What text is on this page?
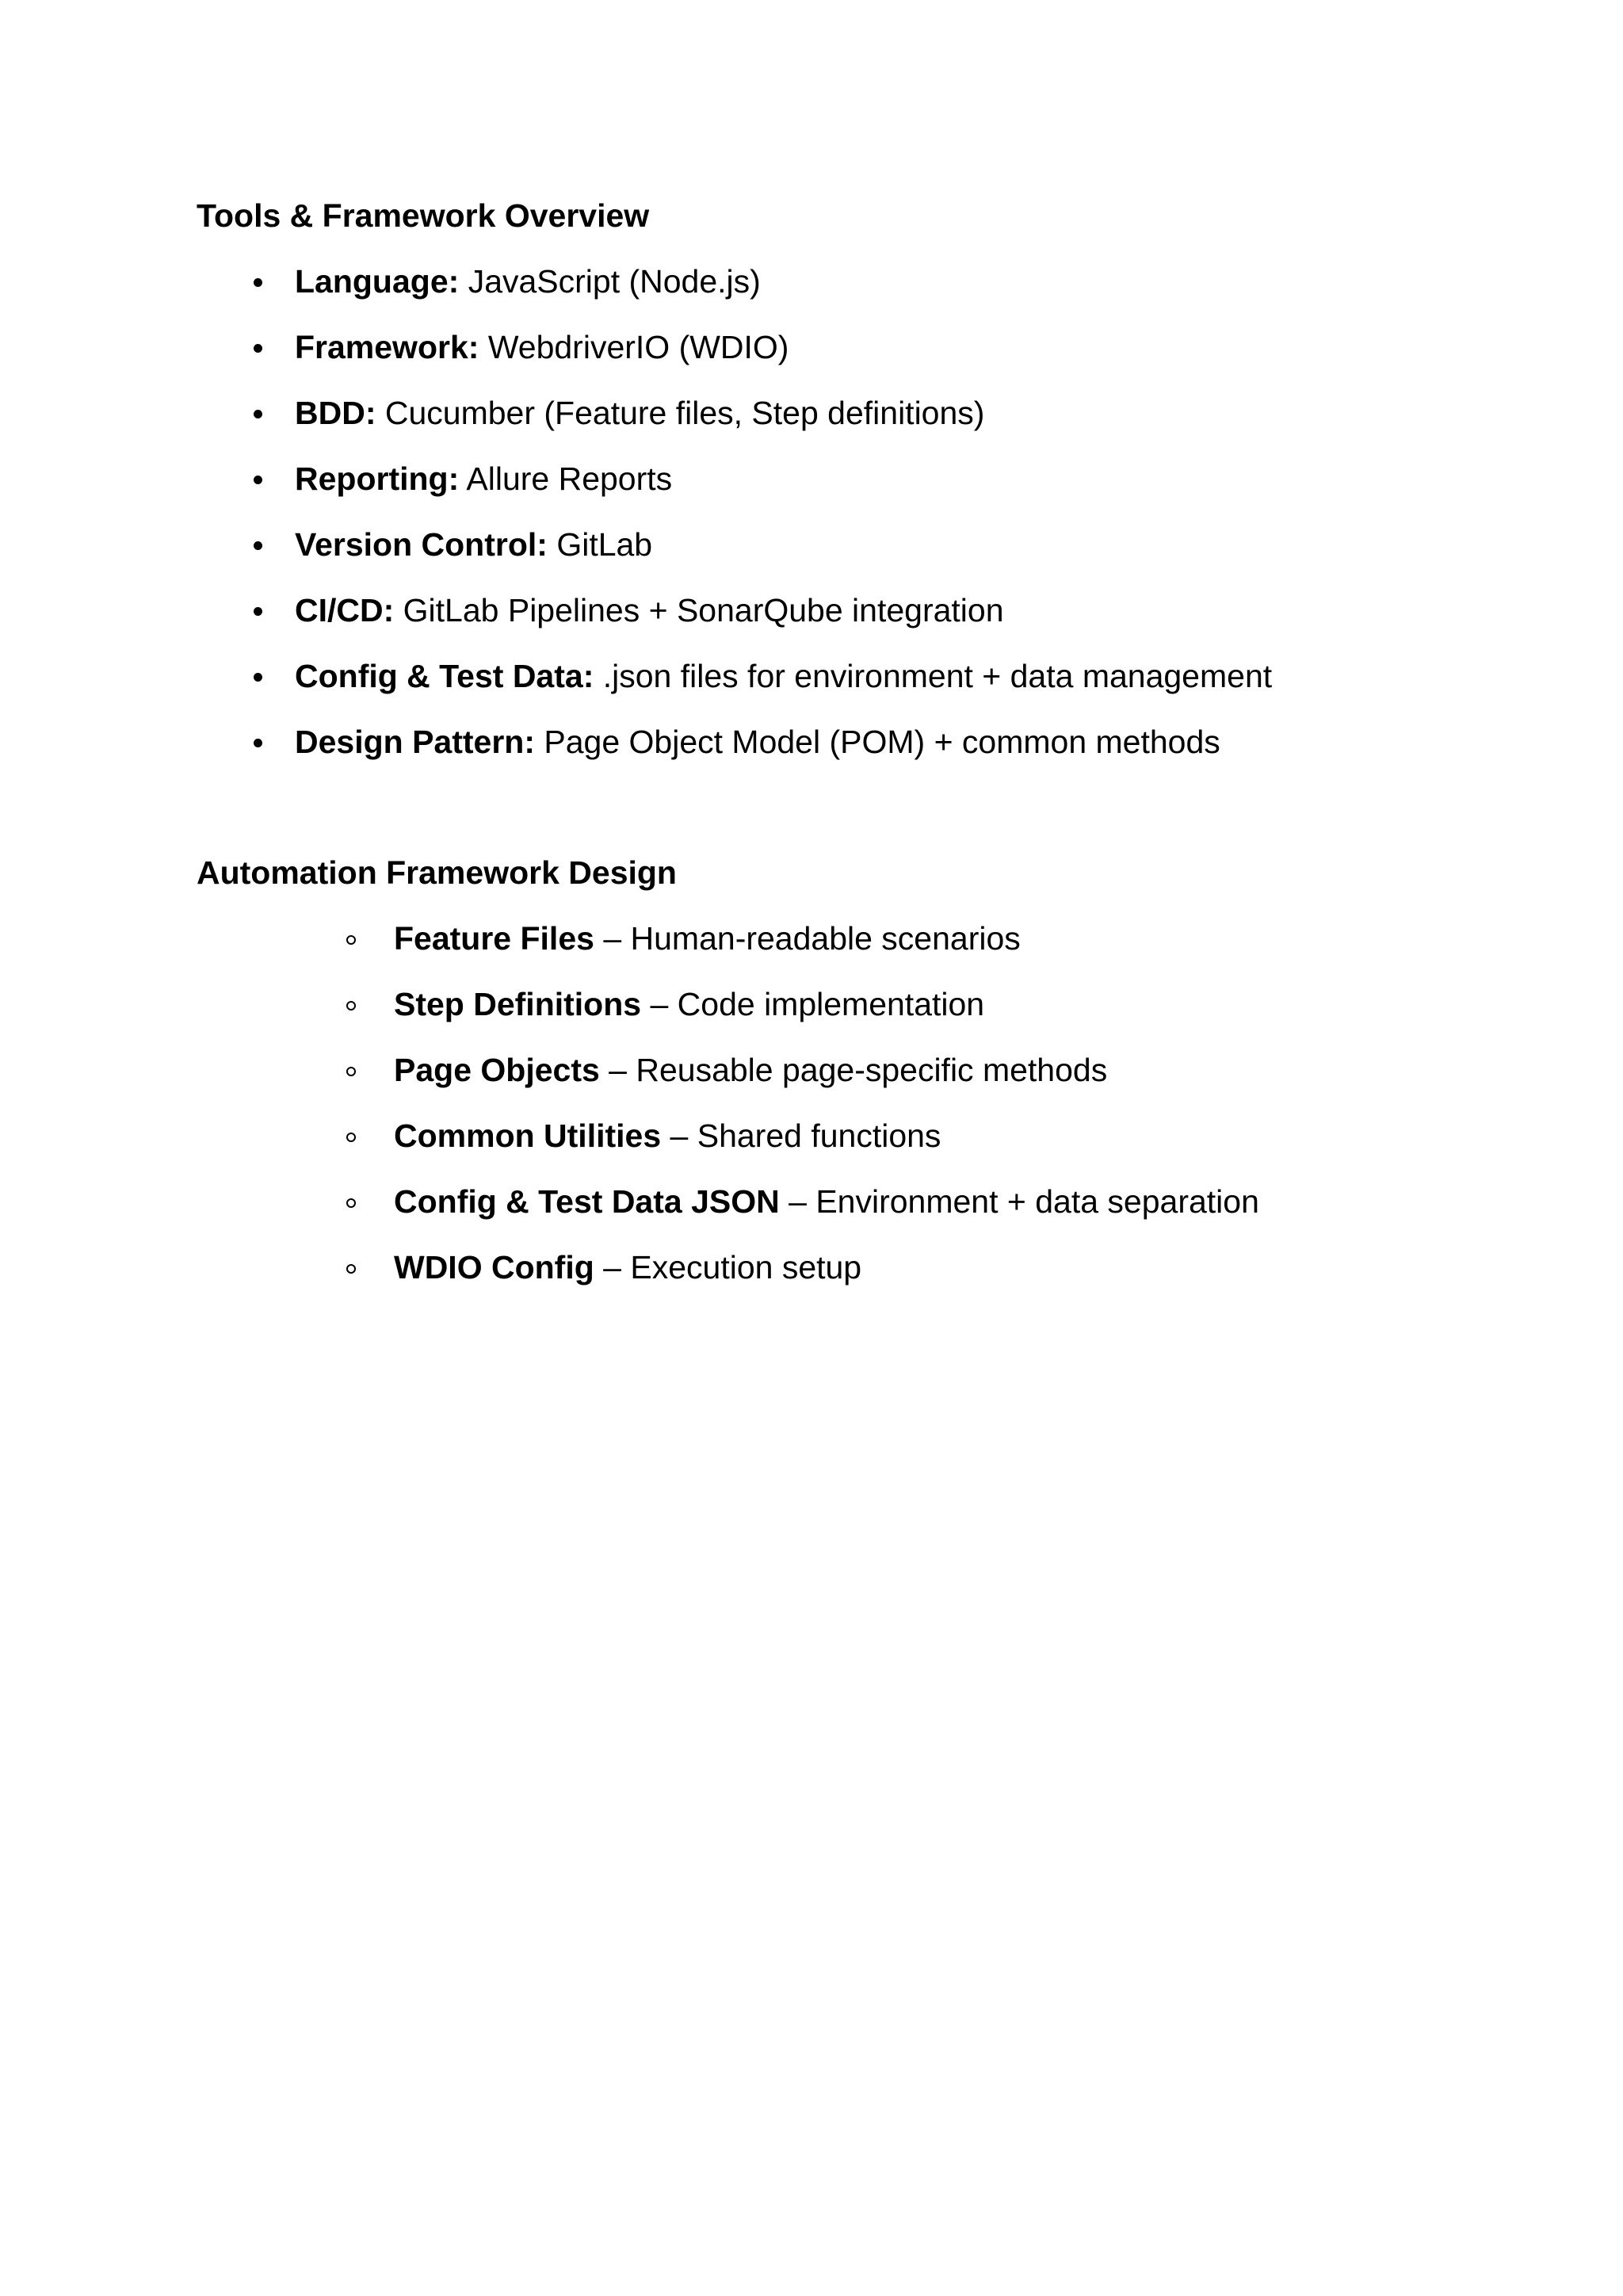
Tools & Framework Overview
Language: JavaScript (Node.js)
Framework: WebdriverIO (WDIO)
BDD: Cucumber (Feature files, Step definitions)
Reporting: Allure Reports
Version Control: GitLab
CI/CD: GitLab Pipelines + SonarQube integration
Config & Test Data: .json files for environment + data management
Design Pattern: Page Object Model (POM) + common methods
Automation Framework Design
Feature Files – Human-readable scenarios
Step Definitions – Code implementation
Page Objects – Reusable page-specific methods
Common Utilities – Shared functions
Config & Test Data JSON – Environment + data separation
WDIO Config – Execution setup
